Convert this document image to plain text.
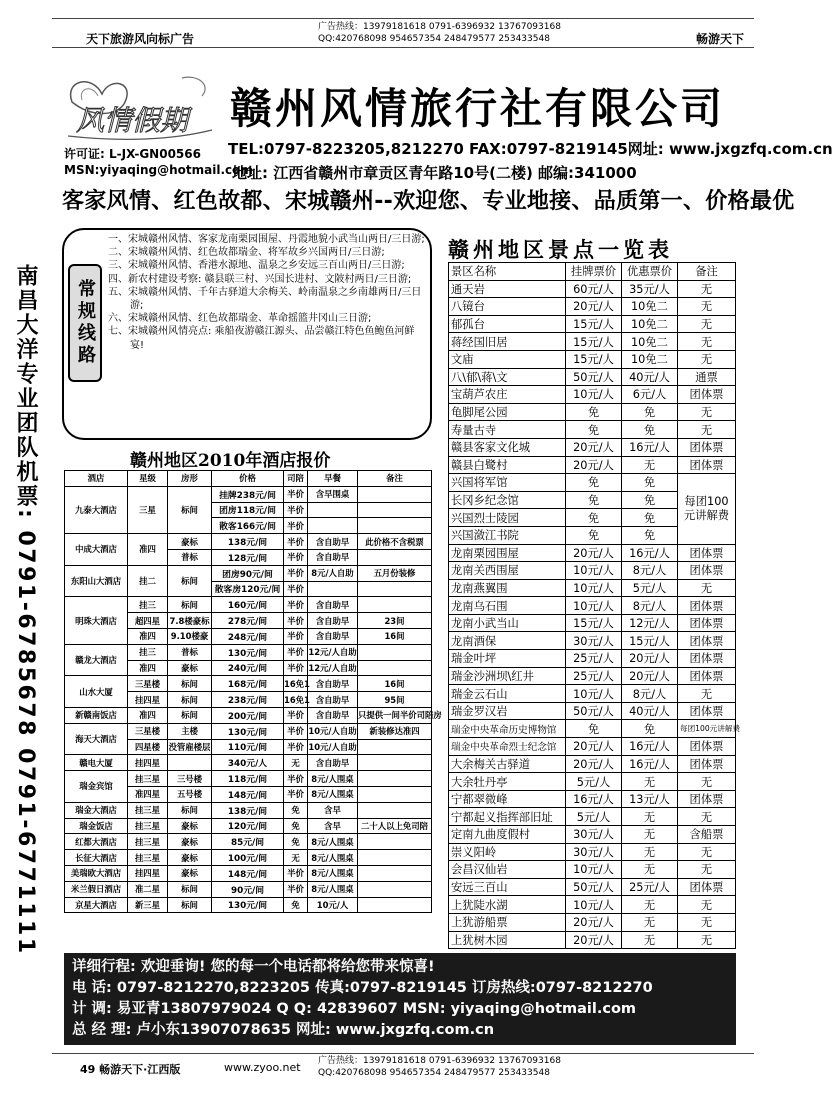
天下旅游风向标广告
广告热线：13979181618 0791-6396932 13767093168
QQ:420768098 954657354 248479577 253433548	畅游天下
风情假期 赣州风情旅行社有限公司
许可证: L-JX-GN00566
MSN:yiyaqing@hotmail.com
TEL:0797-8223205,8212270 FAX:0797-8219145网址: www.jxgzfq.com.cn
地址: 江西省赣州市章贡区青年路10号(二楼) 邮编:341000
客家风情、红色故都、宋城赣州--欢迎您、专业地接、品质第一、价格最优
南昌大洋专业团队机票: 0791-6785678 0791-6771111	常规线路
一、宋城赣州风情、客家龙南栗园围屋、丹霞地貌小武当山两日/三日游;
二、宋城赣州风情、红色故都瑞金、将军故乡兴国两日/三日游;
三、宋城赣州风情、香港水源地、温泉之乡安远三百山两日/三日游;
四、新农村建设考察: 赣县联三村、兴国长进村、文陂村两日/三日游;
五、宋城赣州风情、千年古驿道大余梅关、岭南温泉之乡南雄两日/三日游;
六、宋城赣州风情、红色故都瑞金、革命摇篮井冈山三日游;
七、宋城赣州风情亮点: 乘船夜游赣江源头、品尝赣江特色鱼鲍鱼河鲜宴!
赣州地区2010年酒店报价
酒店	星级	房形	价格	司陪	早餐	备注
九泰大酒店	三星	标间	挂牌238元/间	半价	含早围桌	
			团房118元/间	半价		
			散客166元/间	半价		
中成大酒店	准四	豪标	138元/间	半价	含自助早	此价格不含税票
		普标	128元/间	半价	含自助早	
东阳山大酒店	挂二	标间	团房90元/间	半价	8元/人自助	五月份装修
			散客房120元/间	半价		
明珠大酒店	挂三	标间	160元/间	半价	含自助早	
	超四星	7.8楼豪标	278元/间	半价	含自助早	23间
	准四	9.10楼豪	248元/间	半价	含自助早	16间
赣龙大酒店	挂三	普标	130元/间	半价	12元/人自助	
	准四	豪标	240元/间	半价	12元/人自助	
山水大厦	三星楼	标间	168元/间	16免1	含自助早	16间
	挂四星	标间	238元/间	16免1	含自助早	95间
新赣南饭店	准四	标间	200元/间	半价	含自助早	只提供一间半价司陪房
海天大酒店	三星楼	主楼	130元/间	半价	10元/人自助	新装修达准四
	四星楼	没管雇楼层	110元/间	半价	10元/人自助	
赣电大厦	挂四星		340元/人	无	含自助早	
瑞金宾馆	挂三星	三号楼	118元/间	半价	8元/人围桌	
	准四星	五号楼	148元/间	半价	8元/人围桌	
瑞金大酒店	挂三星	标间	138元/间	免	含早	
瑞金饭店	挂三星	豪标	120元/间	免	含早	二十人以上免司陪
红都大酒店	挂三星	豪标	85元/间	免	8元/人围桌	
长征大酒店	挂三星	豪标	100元/间	无	8元/人围桌	
美瑞欧大酒店	挂四星	豪标	148元/间	半价	8元/人围桌	
米兰假日酒店	准二星	标间	90元/间	半价	8元/人围桌	
京星大酒店	新三星	标间	130元/间	免	10元/人	
赣州地区景点一览表
景区名称	挂牌票价	优惠票价	备注
通天岩	60元/人	35元/人	无
八镜台	20元/人	10免二	无
郁孤台	15元/人	10免二	无
蒋经国旧居	15元/人	10免二	无
文庙	15元/人	10免二	无
八\郁\蒋\文	50元/人	40元/人	通票
宝葫芦农庄	10元/人	6元/人	团体票
龟脚尾公园	免	免	无
寿量古寺	免	免	无
赣县客家文化城	20元/人	16元/人	团体票
赣县白鹭村	20元/人	无	团体票
兴国将军馆	免	免	每团100元讲解费
长冈乡纪念馆	免	免	
兴国烈士陵园	免	免	
兴国潋江书院	免	免	
龙南栗园围屋	20元/人	16元/人	团体票
龙南关西围屋	10元/人	8元/人	团体票
龙南燕翼围	10元/人	5元/人	无
龙南乌石围	10元/人	8元/人	团体票
龙南小武当山	15元/人	12元/人	团体票
龙南酒保	30元/人	15元/人	团体票
瑞金叶坪	25元/人	20元/人	团体票
瑞金沙洲坝\红井	25元/人	20元/人	团体票
瑞金云石山	10元/人	8元/人	无
瑞金罗汉岩	50元/人	40元/人	团体票
瑞金中央革命历史博物馆	免	免	每团100元讲解费
瑞金中央革命烈士纪念馆	20元/人	16元/人	团体票
大余梅关古驿道	20元/人	16元/人	团体票
大余牡丹亭	5元/人	无	无
宁都翠微峰	16元/人	13元/人	团体票
宁都起义指挥部旧址	5元/人	无	无
定南九曲度假村	30元/人	无	含船票
崇义阳岭	30元/人	无	无
会昌汉仙岩	10元/人	无	无
安远三百山	50元/人	25元/人	团体票
上犹陡水湖	10元/人	无	无
上犹游船票	20元/人	无	无
上犹树木园	20元/人	无	无
详细行程: 欢迎垂询! 您的每一个电话都将给您带来惊喜!
电 话: 0797-8212270,8223205 传真:0797-8219145 订房热线:0797-8212270
计 调: 易亚青13807979024 Q Q: 42839607 MSN: yiyaqing@hotmail.com
总 经 理: 卢小东13907078635 网址: www.jxgzfq.com.cn
49 畅游天下·江西版	www.zyoo.net 广告热线：13979181618 0791-6396932 13767093168
QQ:420768098 954657354 248479577 253433548
